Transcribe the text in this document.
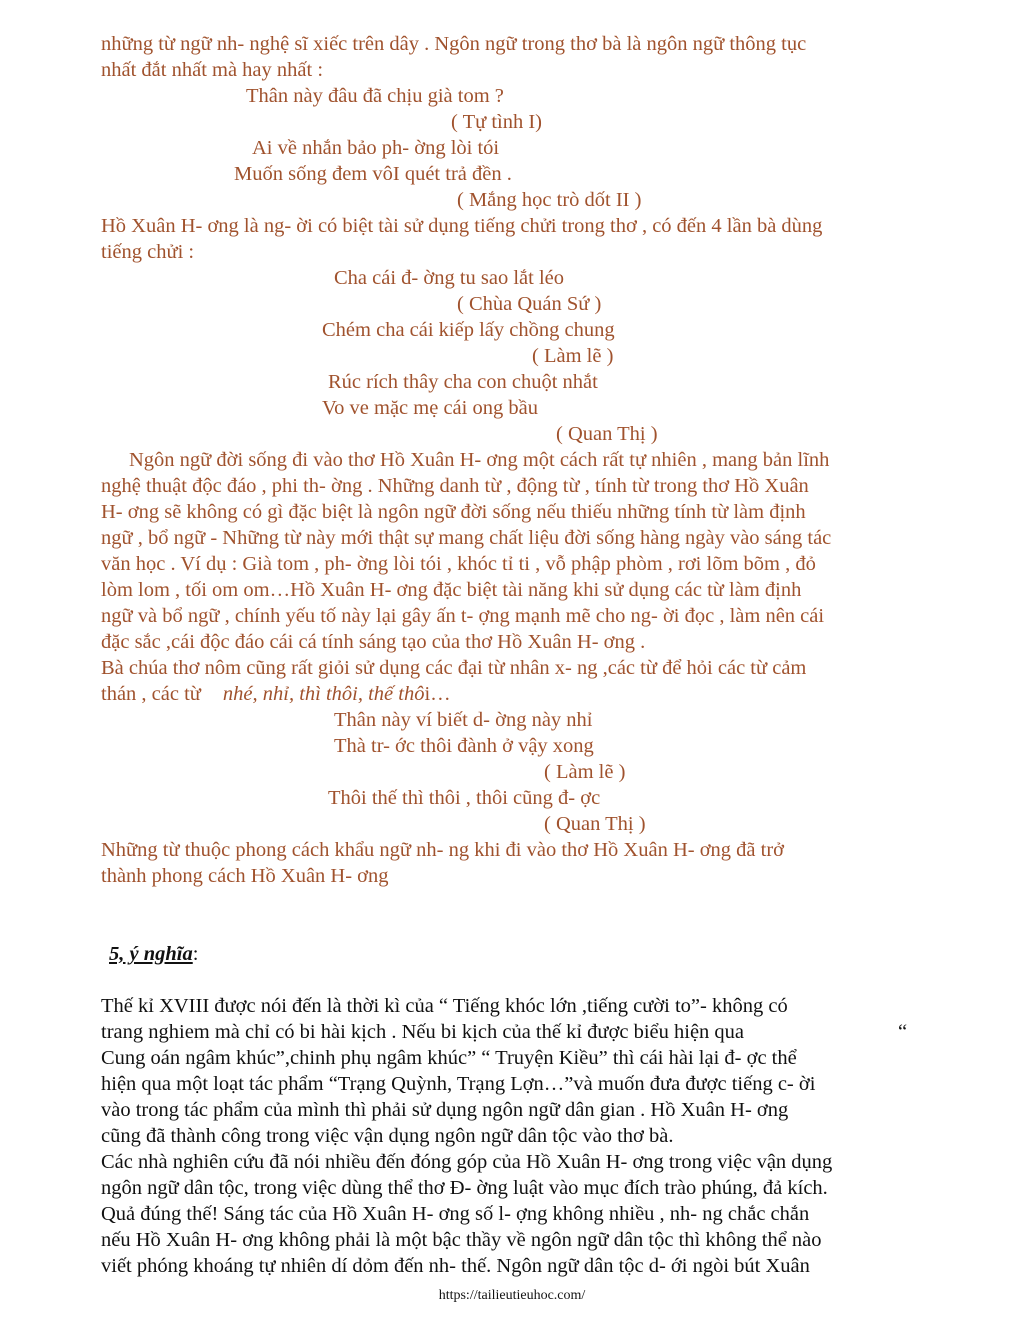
những từ ngữ nh- nghệ sĩ xiếc trên dây . Ngôn ngữ trong thơ bà là ngôn ngữ thông tục

nhất đắt nhất mà hay nhất :

Thân này đâu đã chịu già tom ?

( Tự tình I)

Ai về nhắn bảo ph- ờng lòi tói

Muốn sống đem vôI quét trả đền .

( Mắng học trò dốt II )

Hồ Xuân H- ơng là ng- ời có biệt tài sử dụng tiếng chửi trong thơ , có đến 4 lần bà dùng

tiếng chửi :

Cha cái đ- ờng tu sao lắt léo

( Chùa Quán Sứ )

Chém cha cái kiếp lấy chồng chung

( Làm lẽ )

Rúc rích thây cha con chuột nhắt

Vo ve mặc mẹ cái ong bầu

( Quan Thị )

Ngôn ngữ đời sống đi vào thơ Hồ Xuân H- ơng một cách rất tự nhiên , mang bản lĩnh

nghệ thuật độc đáo , phi th- ờng . Những danh từ , động từ , tính từ trong thơ Hồ Xuân

H- ơng sẽ không có gì đặc biệt là ngôn ngữ đời sống nếu thiếu những tính từ làm định

ngữ , bổ ngữ - Những từ này mới thật sự mang chất liệu đời sống hàng ngày vào sáng tác

văn học . Ví dụ : Già tom , ph- ờng lòi tói , khóc tỉ ti , vỗ phập phòm , rơi lõm bõm , đỏ

lòm lom , tối om om…Hồ Xuân H- ơng đặc biệt tài năng khi sử dụng các từ làm định

ngữ và bổ ngữ , chính yếu tố này lại gây ấn t- ợng mạnh mẽ cho ng- ời đọc , làm nên cái

đặc sắc ,cái độc đáo cái cá tính sáng tạo của thơ Hồ Xuân H- ơng .

Bà chúa thơ nôm cũng rất giỏi sử dụng các đại từ nhân x- ng ,các từ để hỏi các từ cảm

thán , các từ nhé, nhỉ, thì thôi, thế thôi…

Thân này ví biết d- ờng này nhỉ

Thà tr- ớc thôi đành ở vậy xong

( Làm lẽ )

Thôi thế thì thôi , thôi cũng đ- ợc

( Quan Thị )

Những từ thuộc phong cách khẩu ngữ nh- ng khi đi vào thơ Hồ Xuân H- ơng đã trở

thành phong cách Hồ Xuân H- ơng

5, ý nghĩa:

Thế kỉ XVIII được nói đến là thời kì của “ Tiếng khóc lớn ,tiếng cười to”- không có

trang nghiem mà chỉ có bi hài kịch . Nếu bi kịch của thế kỉ được biểu hiện qua	“

Cung oán ngâm khúc”,chinh phụ ngâm khúc” “ Truyện Kiều” thì cái hài lại đ- ợc thể

hiện qua một loạt tác phẩm “Trạng Quỳnh, Trạng Lợn…”và muốn đưa được tiếng c- ời

vào trong tác phẩm của mình thì phải sử dụng ngôn ngữ dân gian . Hồ Xuân H- ơng

cũng đã thành công trong việc vận dụng ngôn ngữ dân tộc vào thơ bà.

Các nhà nghiên cứu đã nói nhiều đến đóng góp của Hồ Xuân H- ơng trong việc vận dụng

ngôn ngữ dân tộc, trong việc dùng thể thơ Đ- ờng luật vào mục đích trào phúng, đả kích.

Quả đúng thế! Sáng tác của Hồ Xuân H- ơng số l- ợng không nhiều , nh- ng chắc chắn

nếu Hồ Xuân H- ơng không phải là một bậc thầy về ngôn ngữ dân tộc thì không thể nào

viết phóng khoáng tự nhiên dí dỏm đến nh- thế. Ngôn ngữ dân tộc d- ới ngòi bút Xuân

https://tailieutieuhoc.com/
